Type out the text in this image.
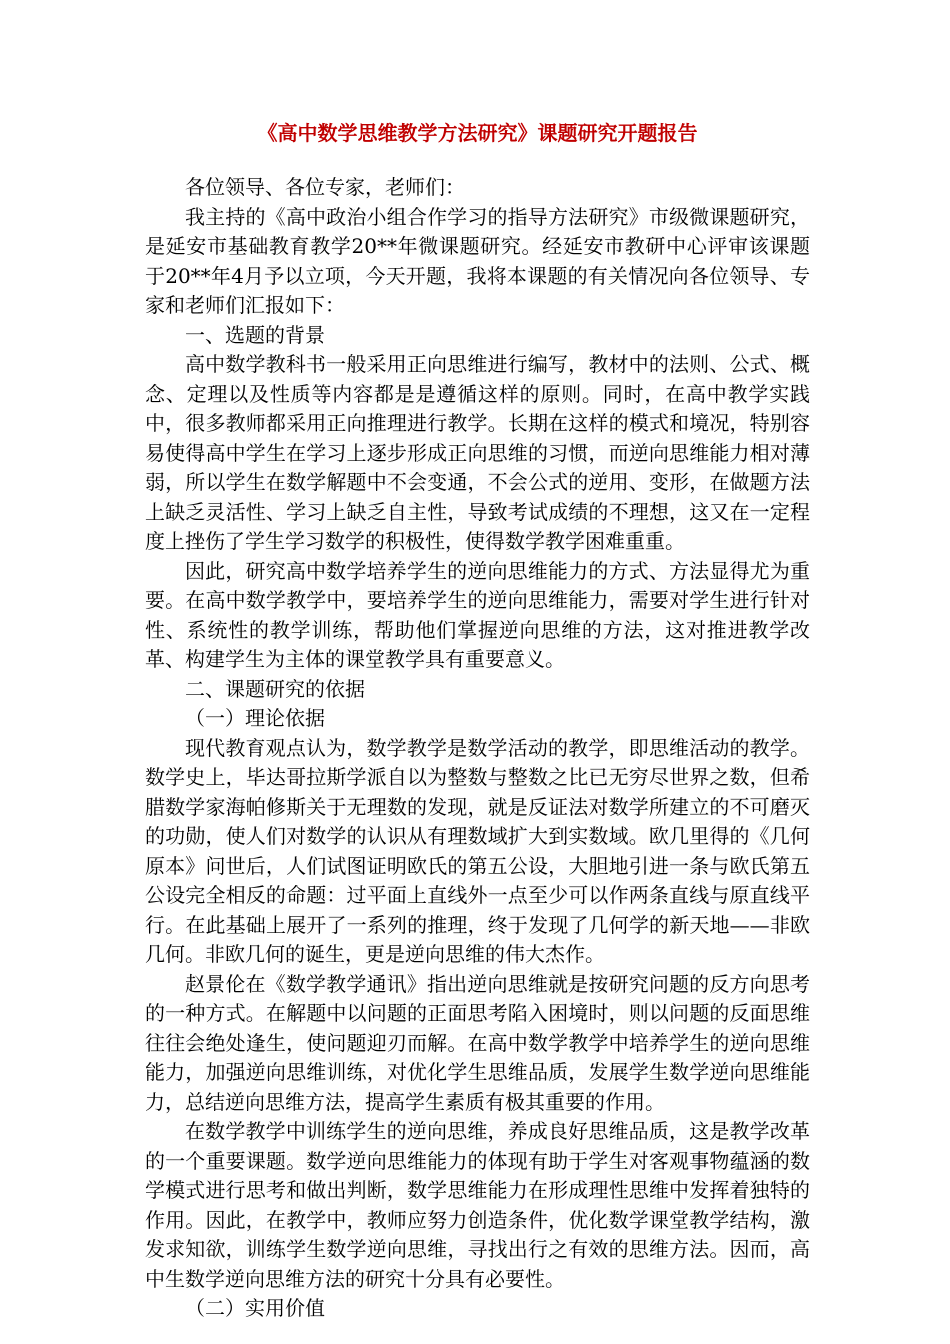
《高中数学思维教学方法研究》课题研究开题报告

各位领导、各位专家，老师们：

我主持的《高中政治小组合作学习的指导方法研究》市级微课题研究，是延安市基础教育教学20**年微课题研究。经延安市教研中心评审该课题于20**年4月予以立项，今天开题，我将本课题的有关情况向各位领导、专家和老师们汇报如下：

一、选题的背景

高中数学教科书一般采用正向思维进行编写，教材中的法则、公式、概念、定理以及性质等内容都是是遵循这样的原则。同时，在高中教学实践中，很多教师都采用正向推理进行教学。长期在这样的模式和境况，特别容易使得高中学生在学习上逐步形成正向思维的习惯，而逆向思维能力相对薄弱，所以学生在数学解题中不会变通，不会公式的逆用、变形，在做题方法上缺乏灵活性、学习上缺乏自主性，导致考试成绩的不理想，这又在一定程度上挫伤了学生学习数学的积极性，使得数学教学困难重重。

因此，研究高中数学培养学生的逆向思维能力的方式、方法显得尤为重要。在高中数学教学中，要培养学生的逆向思维能力，需要对学生进行针对性、系统性的教学训练，帮助他们掌握逆向思维的方法，这对推进教学改革、构建学生为主体的课堂教学具有重要意义。

二、课题研究的依据

（一）理论依据

现代教育观点认为，数学教学是数学活动的教学，即思维活动的教学。数学史上，毕达哥拉斯学派自以为整数与整数之比已无穷尽世界之数，但希腊数学家海帕修斯关于无理数的发现，就是反证法对数学所建立的不可磨灭的功勋，使人们对数学的认识从有理数域扩大到实数域。欧几里得的《几何原本》问世后，人们试图证明欧氏的第五公设，大胆地引进一条与欧氏第五公设完全相反的命题：过平面上直线外一点至少可以作两条直线与原直线平行。在此基础上展开了一系列的推理，终于发现了几何学的新天地——非欧几何。非欧几何的诞生，更是逆向思维的伟大杰作。

赵景伦在《数学教学通讯》指出逆向思维就是按研究问题的反方向思考的一种方式。在解题中以问题的正面思考陷入困境时，则以问题的反面思维往往会绝处逢生，使问题迎刃而解。在高中数学教学中培养学生的逆向思维能力，加强逆向思维训练，对优化学生思维品质，发展学生数学逆向思维能力，总结逆向思维方法，提高学生素质有极其重要的作用。

在数学教学中训练学生的逆向思维，养成良好思维品质，这是教学改革的一个重要课题。数学逆向思维能力的体现有助于学生对客观事物蕴涵的数学模式进行思考和做出判断，数学思维能力在形成理性思维中发挥着独特的作用。因此，在教学中，教师应努力创造条件，优化数学课堂教学结构，激发求知欲，训练学生数学逆向思维，寻找出行之有效的思维方法。因而，高中生数学逆向思维方法的研究十分具有必要性。

（二）实用价值
